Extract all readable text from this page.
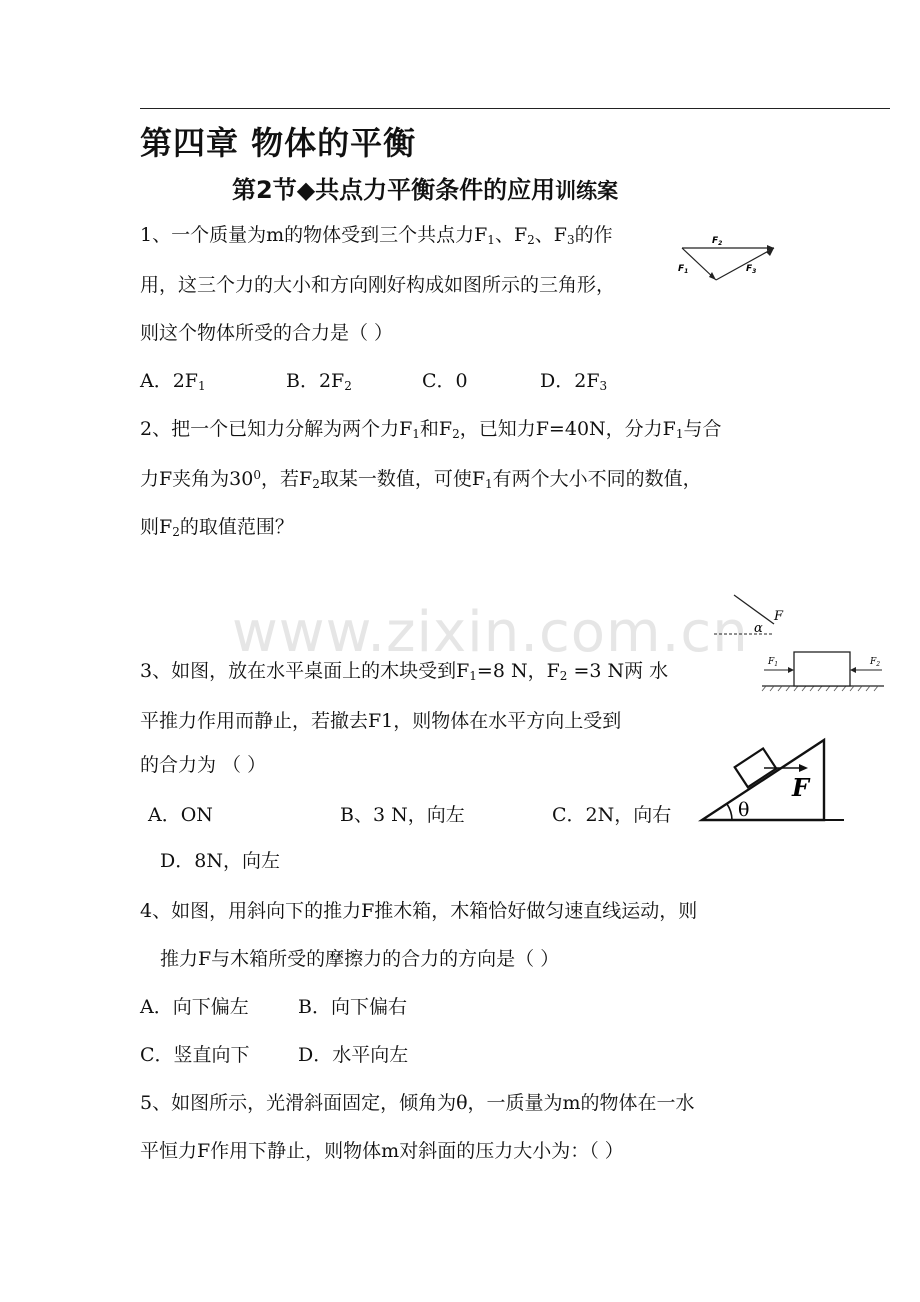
第四章 物体的平衡
第2节◆共点力平衡条件的应用训练案
www.zixin.com.cn
1、一个质量为m的物体受到三个共点力$F_1$、$F_2$、$F_3$的作
用，这三个力的大小和方向刚好构成如图所示的三角形，
则这个物体所受的合力是（ ）
A．$2F_1$	B．$2F_2$	C．0	D．$2F_3$
$F_2$
$F_1$	$F_3$
2、把一个已知力分解为两个力$F_1$和$F_2$，已知力F=40N，分力$F_1$与合
力F夹角为$30^0$，若$F_2$取某一数值，可使$F_1$有两个大小不同的数值，
则$F_2$的取值范围？
α
F
3、如图，放在水平桌面上的木块受到$F_1=8$ N，$F_2 =3$ N两 水
平推力作用而静止，若撤去F1，则物体在水平方向上受到
的合力为 （ ）
A．ON	B、3 N，向左	C．2N，向右
D．8N，向左
$F_1$	$F_2$
F
θ
4、如图，用斜向下的推力F推木箱，木箱恰好做匀速直线运动，则
推力F与木箱所受的摩擦力的合力的方向是（ ）
A．向下偏左	B．向下偏右
C．竖直向下	D．水平向左
5、如图所示，光滑斜面固定，倾角为θ，一质量为m的物体在一水
平恒力F作用下静止，则物体m对斜面的压力大小为：（ ）
